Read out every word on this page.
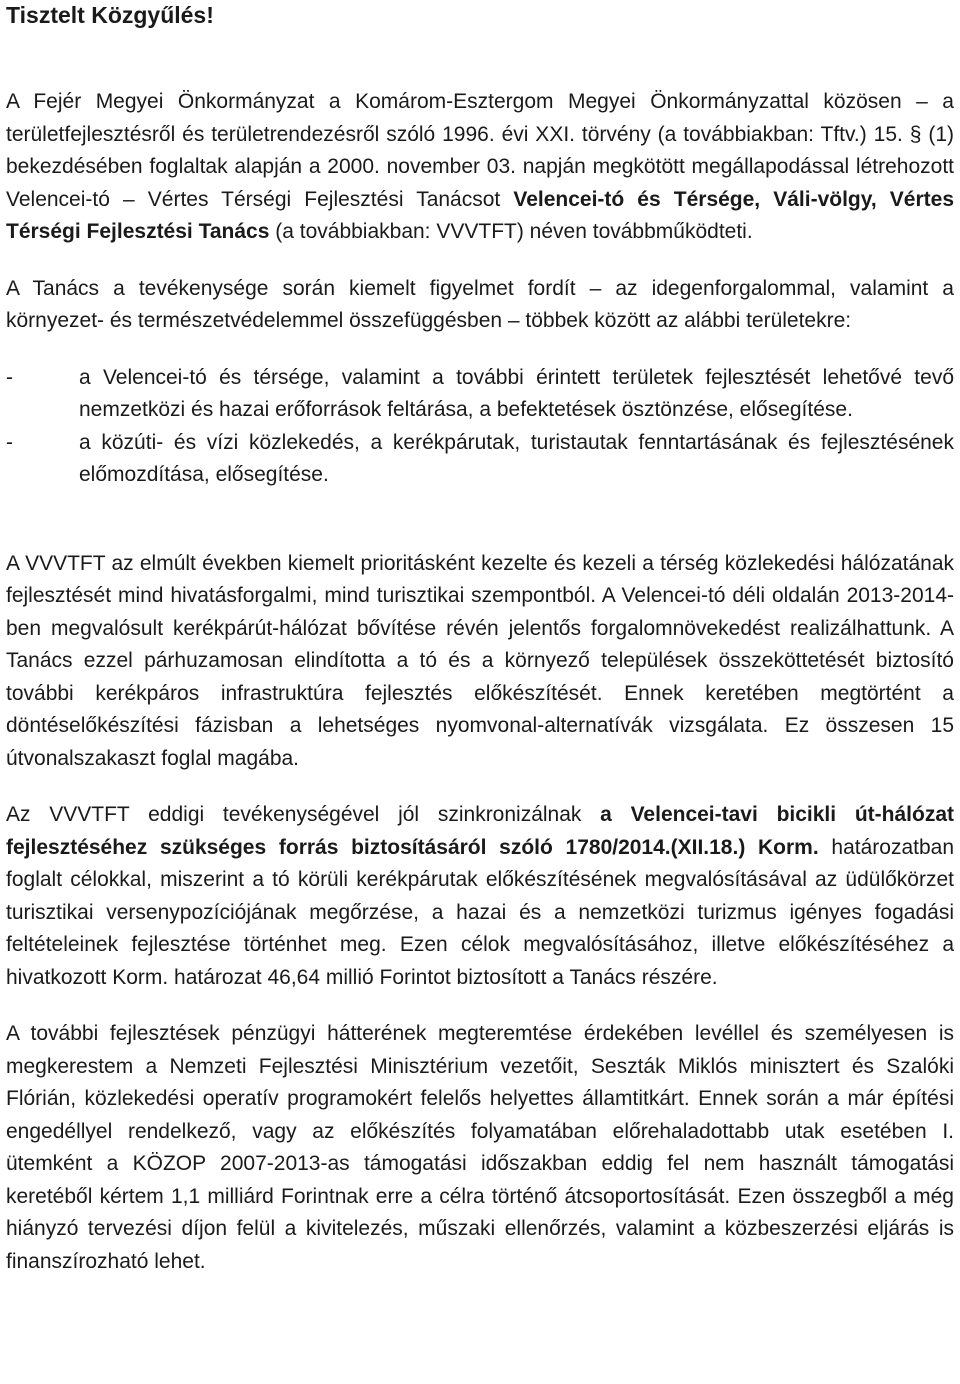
Tisztelt Közgyűlés!

A Fejér Megyei Önkormányzat a Komárom-Esztergom Megyei Önkormányzattal közösen – a területfejlesztésről és területrendezésről szóló 1996. évi XXI. törvény (a továbbiakban: Tftv.) 15. § (1) bekezdésében foglaltak alapján a 2000. november 03. napján megkötött megállapodással létrehozott Velencei-tó – Vértes Térségi Fejlesztési Tanácsot Velencei-tó és Térsége, Váli-völgy, Vértes Térségi Fejlesztési Tanács (a továbbiakban: VVVTFT) néven továbbműködteti.

A Tanács a tevékenysége során kiemelt figyelmet fordít – az idegenforgalommal, valamint a környezet- és természetvédelemmel összefüggésben – többek között az alábbi területekre:

-	a Velencei-tó és térsége, valamint a további érintett területek fejlesztését lehetővé tevő nemzetközi és hazai erőforrások feltárása, a befektetések ösztönzése, elősegítése.
-	a közúti- és vízi közlekedés, a kerékpárutak, turistautak fenntartásának és fejlesztésének előmozdítása, elősegítése.

A VVVTFT az elmúlt években kiemelt prioritásként kezelte és kezeli a térség közlekedési hálózatának fejlesztését mind hivatásforgalmi, mind turisztikai szempontból. A Velencei-tó déli oldalán 2013-2014-ben megvalósult kerékpárút-hálózat bővítése révén jelentős forgalomnövekedést realizálhattunk. A Tanács ezzel párhuzamosan elindította a tó és a környező települések összeköttetését biztosító további kerékpáros infrastruktúra fejlesztés előkészítését. Ennek keretében megtörtént a döntéselőkészítési fázisban a lehetséges nyomvonal-alternatívák vizsgálata. Ez összesen 15 útvonalszakaszt foglal magába.

Az VVVTFT eddigi tevékenységével jól szinkronizálnak a Velencei-tavi bicikli út-hálózat fejlesztéséhez szükséges forrás biztosításáról szóló 1780/2014.(XII.18.) Korm. határozatban foglalt célokkal, miszerint a tó körüli kerékpárutak előkészítésének megvalósításával az üdülőkörzet turisztikai versenypozíciójának megőrzése, a hazai és a nemzetközi turizmus igényes fogadási feltételeinek fejlesztése történhet meg. Ezen célok megvalósításához, illetve előkészítéséhez a hivatkozott Korm. határozat 46,64 millió Forintot biztosított a Tanács részére.

A további fejlesztések pénzügyi hátterének megteremtése érdekében levéllel és személyesen is megkerestem a Nemzeti Fejlesztési Minisztérium vezetőit, Seszták Miklós minisztert és Szalóki Flórián, közlekedési operatív programokért felelős helyettes államtitkárt. Ennek során a már építési engedéllyel rendelkező, vagy az előkészítés folyamatában előrehaladottabb utak esetében I. ütemként a KÖZOP 2007-2013-as támogatási időszakban eddig fel nem használt támogatási keretéből kértem 1,1 milliárd Forintnak erre a célra történő átcsoportosítását. Ezen összegből a még hiányzó tervezési díjon felül a kivitelezés, műszaki ellenőrzés, valamint a közbeszerzési eljárás is finanszírozható lehet.
